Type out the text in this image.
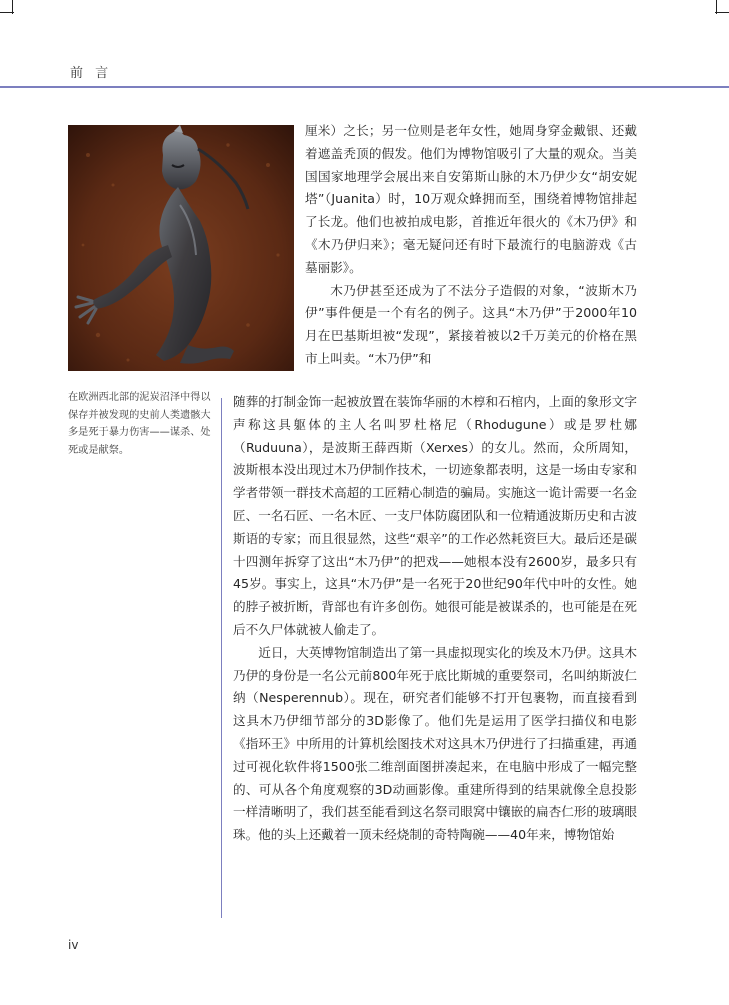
前 言
在欧洲西北部的泥炭沼泽中得以保存并被发现的史前人类遗骸大多是死于暴力伤害——谋杀、处死或是献祭。

厘米）之长；另一位则是老年女性，她周身穿金戴银、还戴着遮盖秃顶的假发。他们为博物馆吸引了大量的观众。当美国国家地理学会展出来自安第斯山脉的木乃伊少女“胡安妮塔”（Juanita）时，10万观众蜂拥而至，围绕着博物馆排起了长龙。他们也被拍成电影，首推近年很火的《木乃伊》和《木乃伊归来》；毫无疑问还有时下最流行的电脑游戏《古墓丽影》。

木乃伊甚至还成为了不法分子造假的对象，“波斯木乃伊”事件便是一个有名的例子。这具“木乃伊”于2000年10月在巴基斯坦被“发现”，紧接着被以2千万美元的价格在黑市上叫卖。“木乃伊”和

随葬的打制金饰一起被放置在装饰华丽的木椁和石棺内，上面的象形文字声称这具躯体的主人名叫罗杜格尼（Rhodugune）或是罗杜娜（Ruduuna），是波斯王薛西斯（Xerxes）的女儿。然而，众所周知，波斯根本没出现过木乃伊制作技术，一切迹象都表明，这是一场由专家和学者带领一群技术高超的工匠精心制造的骗局。实施这一诡计需要一名金匠、一名石匠、一名木匠、一支尸体防腐团队和一位精通波斯历史和古波斯语的专家；而且很显然，这些“艰辛”的工作必然耗资巨大。最后还是碳十四测年拆穿了这出“木乃伊”的把戏——她根本没有2600岁，最多只有45岁。事实上，这具“木乃伊”是一名死于20世纪90年代中叶的女性。她的脖子被折断，背部也有许多创伤。她很可能是被谋杀的，也可能是在死后不久尸体就被人偷走了。

近日，大英博物馆制造出了第一具虚拟现实化的埃及木乃伊。这具木乃伊的身份是一名公元前800年死于底比斯城的重要祭司，名叫纳斯波仁纳（Nesperennub）。现在，研究者们能够不打开包裹物，而直接看到这具木乃伊细节部分的3D影像了。他们先是运用了医学扫描仪和电影《指环王》中所用的计算机绘图技术对这具木乃伊进行了扫描重建，再通过可视化软件将1500张二维剖面图拼凑起来，在电脑中形成了一幅完整的、可从各个角度观察的3D动画影像。重建所得到的结果就像全息投影一样清晰明了，我们甚至能看到这名祭司眼窝中镶嵌的扁杏仁形的玻璃眼珠。他的头上还戴着一顶未经烧制的奇特陶碗——40年来，博物馆始

iv
